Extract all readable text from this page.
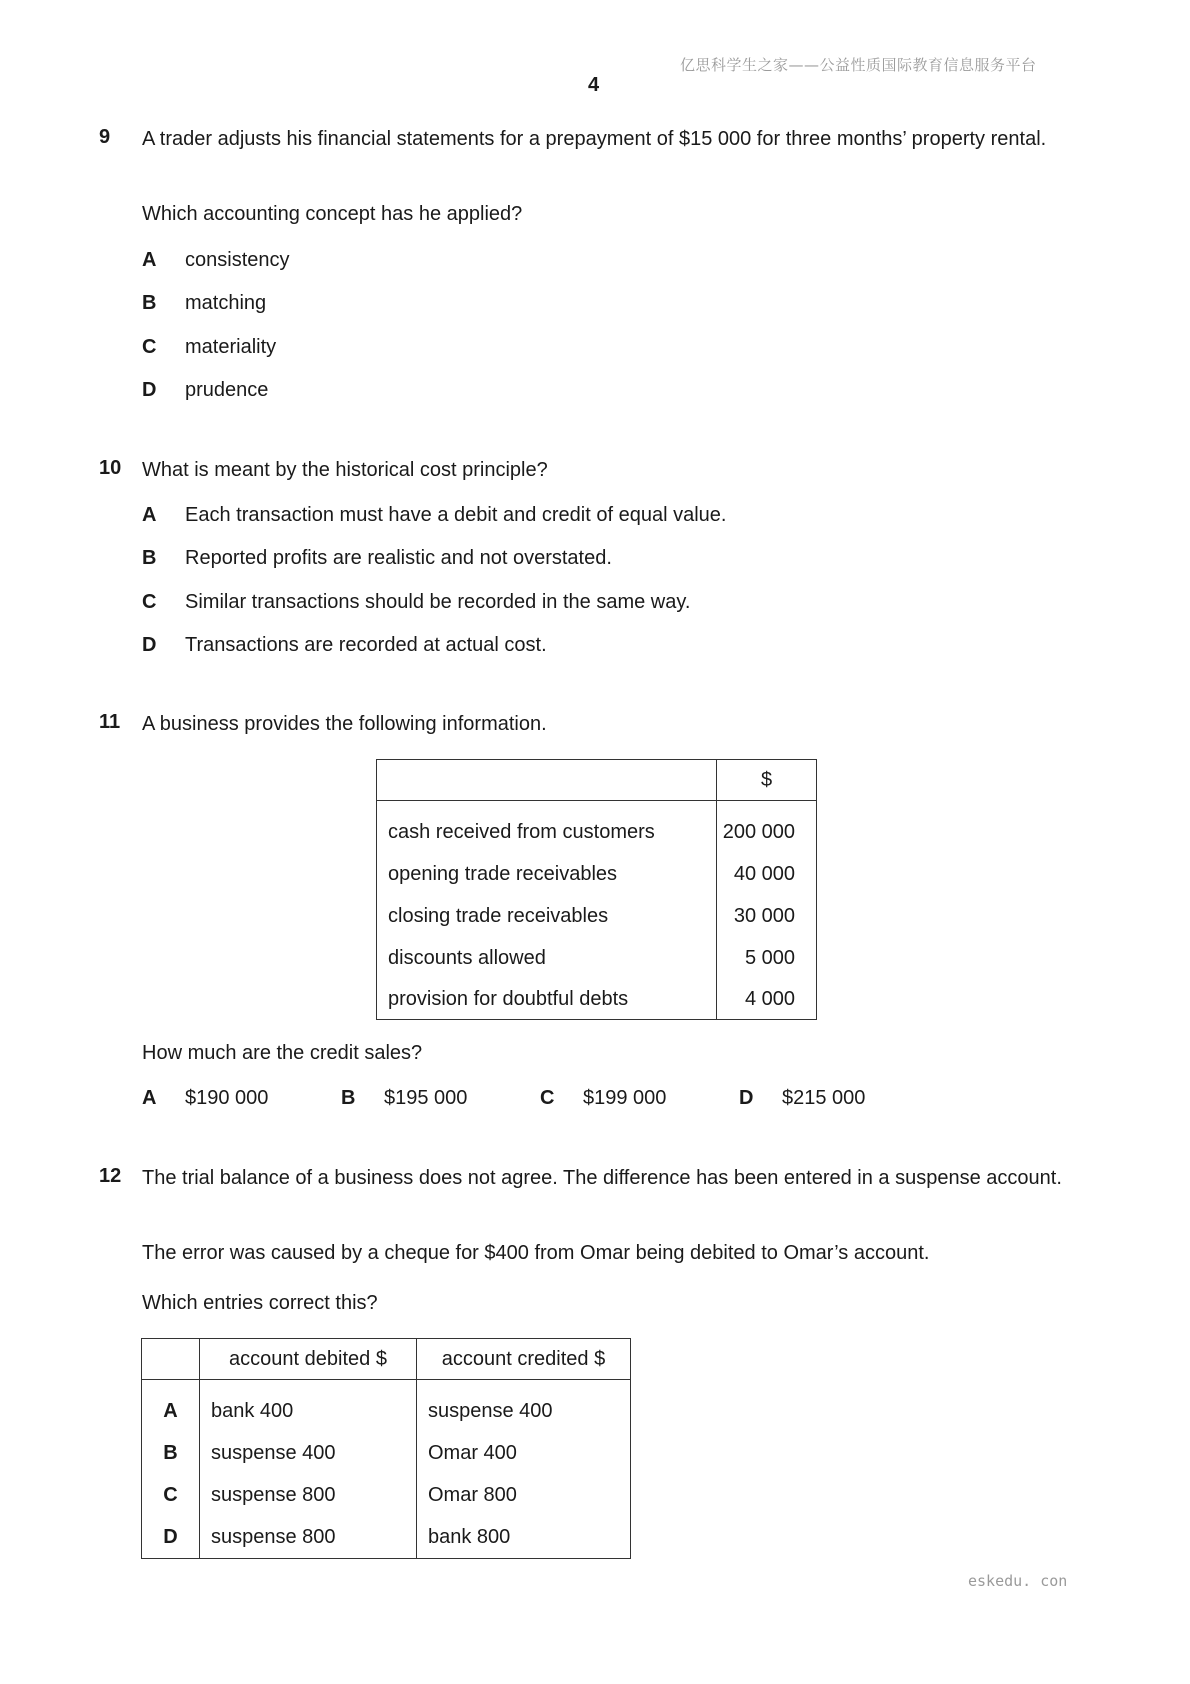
亿思科学生之家——公益性质国际教育信息服务平台
4
9 A trader adjusts his financial statements for a prepayment of $15 000 for three months’ property rental.
Which accounting concept has he applied?
A consistency
B matching
C materiality
D prudence
10 What is meant by the historical cost principle?
A Each transaction must have a debit and credit of equal value.
B Reported profits are realistic and not overstated.
C Similar transactions should be recorded in the same way.
D Transactions are recorded at actual cost.
11 A business provides the following information.
	$
cash received from customers	200 000
opening trade receivables	40 000
closing trade receivables	30 000
discounts allowed	5 000
provision for doubtful debts	4 000
How much are the credit sales?
A $190 000	B $195 000	C $199 000	D $215 000
12 The trial balance of a business does not agree. The difference has been entered in a suspense account.
The error was caused by a cheque for $400 from Omar being debited to Omar’s account.
Which entries correct this?
	account debited $	account credited $
A	bank 400	suspense 400
B	suspense 400	Omar 400
C	suspense 800	Omar 800
D	suspense 800	bank 800
eskedu. con
